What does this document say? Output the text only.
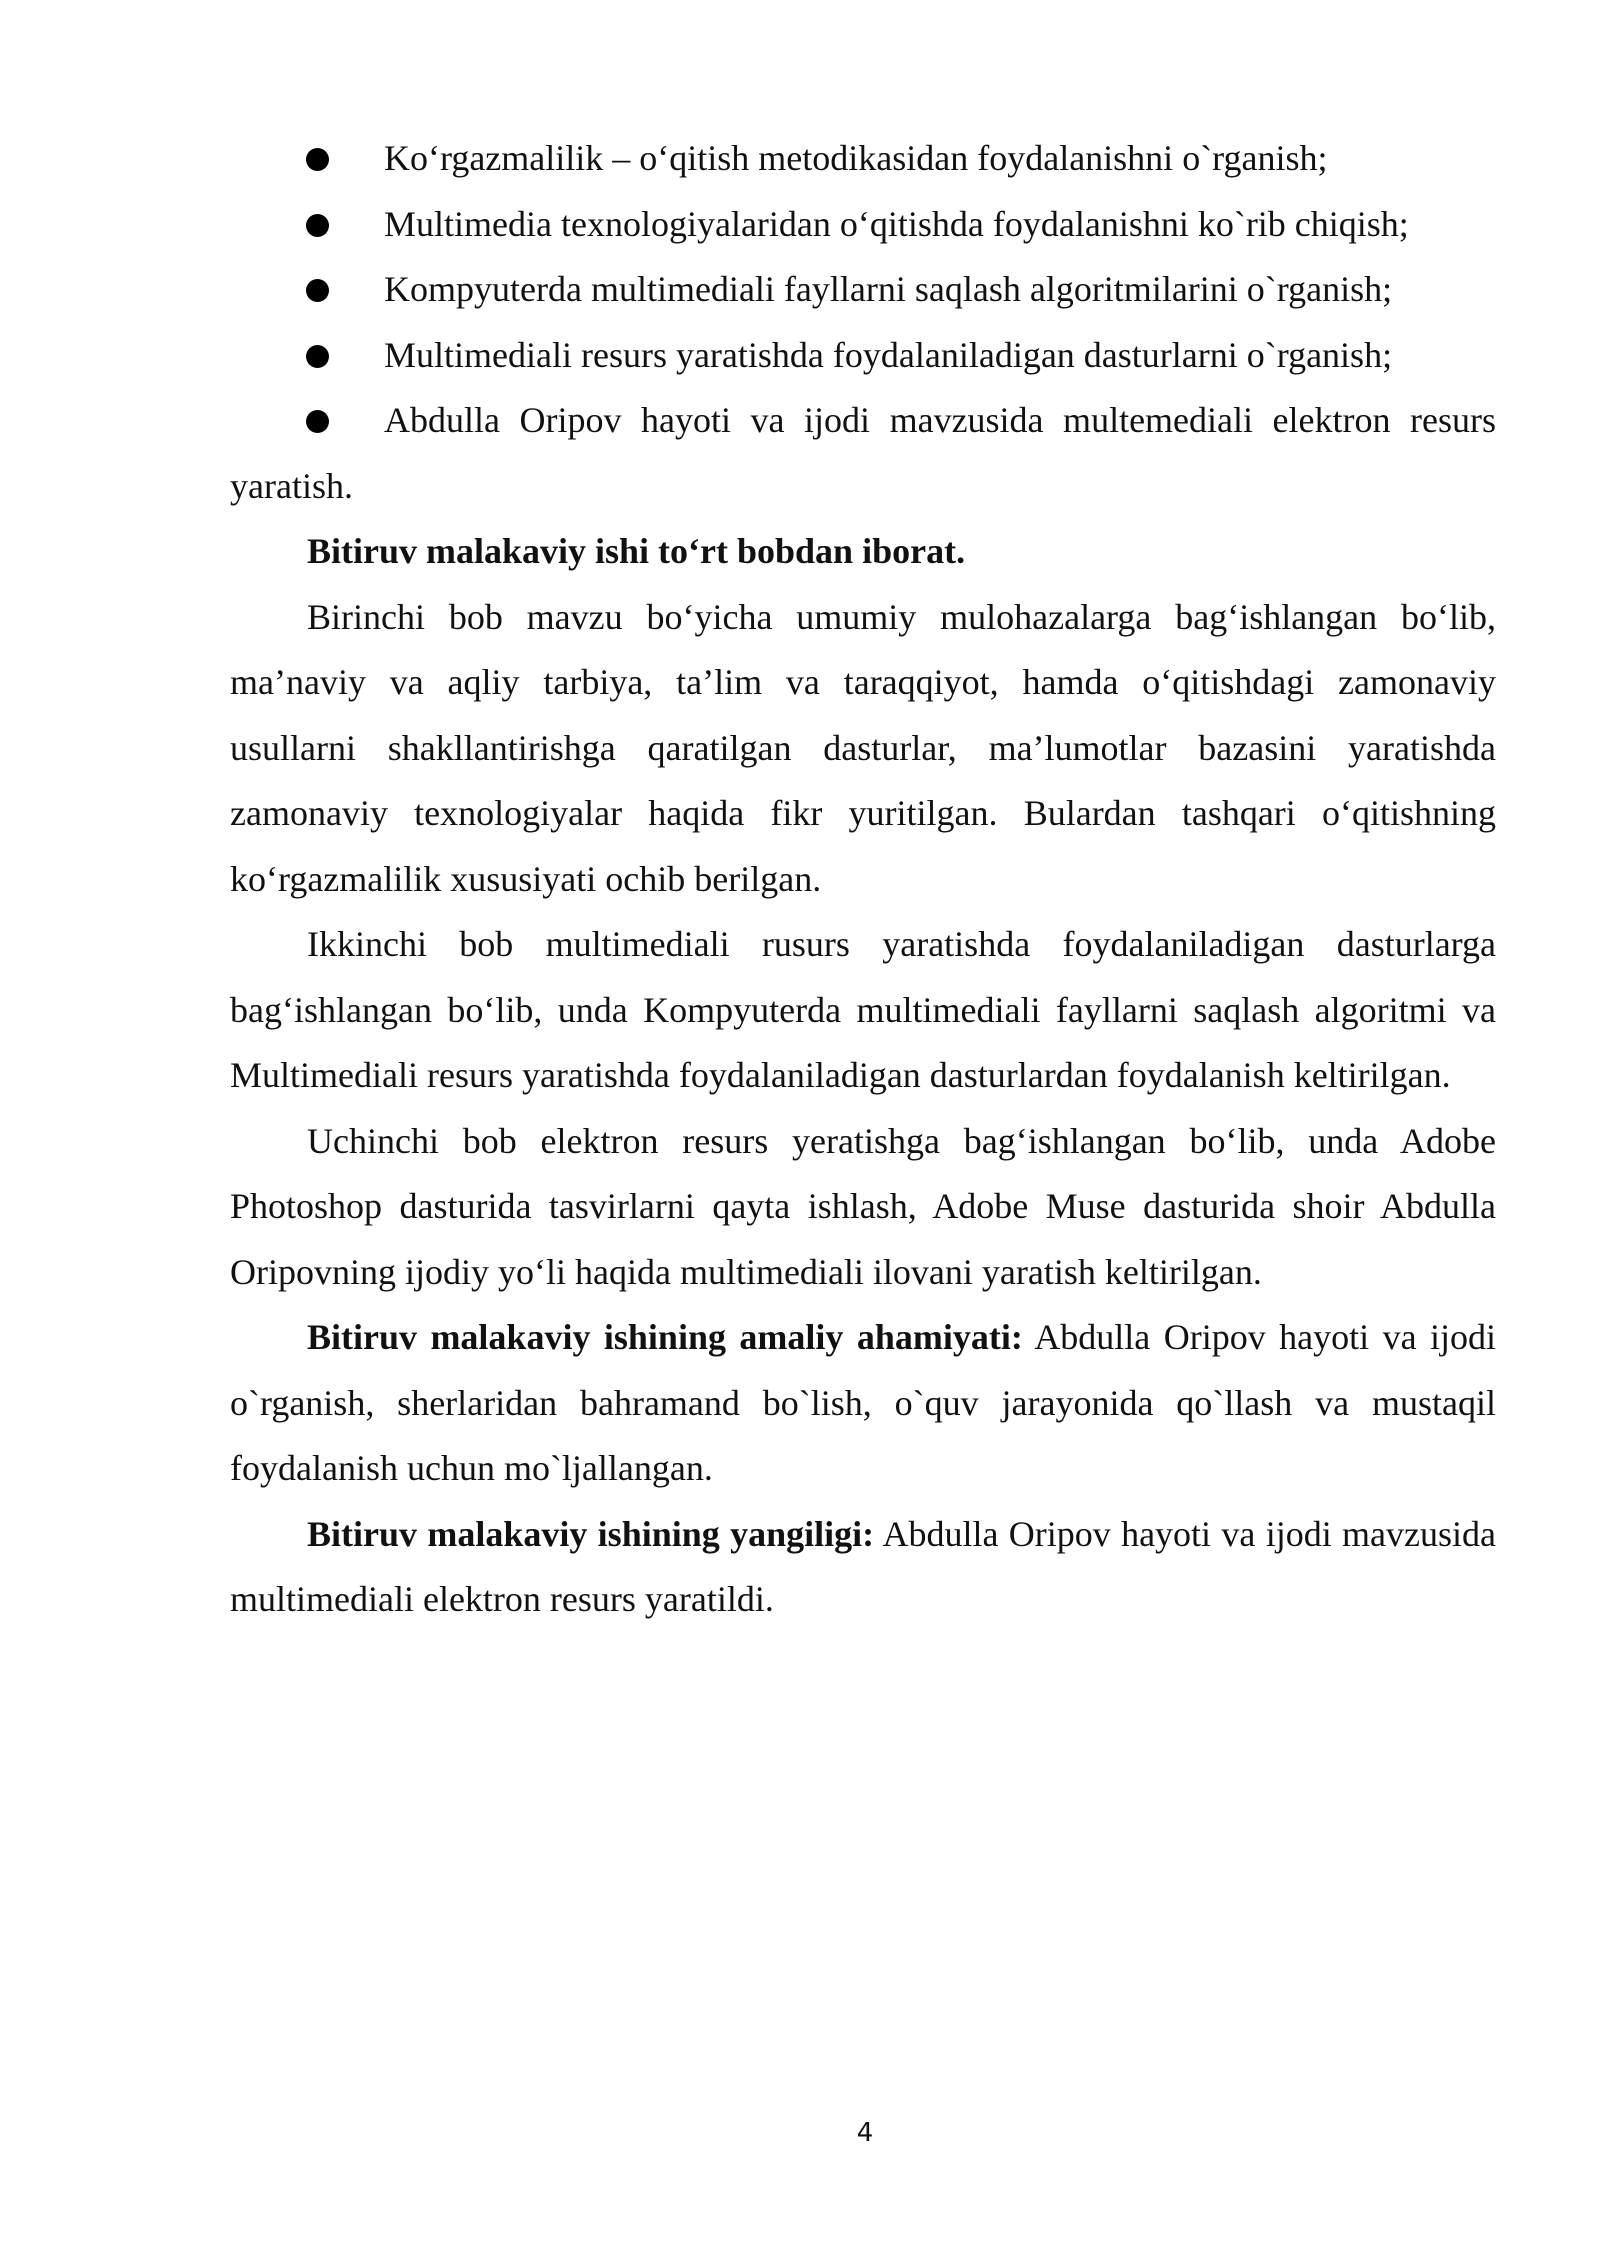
Ko‘rgazmalilik – o‘qitish metodikasidan foydalanishni o`rganish;
Multimedia texnologiyalaridan o‘qitishda foydalanishni ko`rib chiqish;
Kompyuterda multimediali fayllarni saqlash algoritmilarini o`rganish;
Multimediali resurs yaratishda foydalaniladigan dasturlarni o`rganish;
Abdulla Oripov hayoti va ijodi mavzusida multemediali elektron resurs yaratish.

Bitiruv malakaviy ishi to‘rt bobdan iborat.

Birinchi bob mavzu bo‘yicha umumiy mulohazalarga bag‘ishlangan bo‘lib, ma’naviy va aqliy tarbiya, ta’lim va taraqqiyot, hamda o‘qitishdagi zamonaviy usullarni shakllantirishga qaratilgan dasturlar, ma’lumotlar bazasini yaratishda zamonaviy texnologiyalar haqida fikr yuritilgan. Bulardan tashqari o‘qitishning ko‘rgazmalilik xususiyati ochib berilgan.

Ikkinchi bob multimediali rusurs yaratishda foydalaniladigan dasturlarga bag‘ishlangan bo‘lib, unda Kompyuterda multimediali fayllarni saqlash algoritmi va Multimediali resurs yaratishda foydalaniladigan dasturlardan foydalanish keltirilgan.

Uchinchi bob elektron resurs yeratishga bag‘ishlangan bo‘lib, unda Adobe Photoshop dasturida tasvirlarni qayta ishlash, Adobe Muse dasturida shoir Abdulla Oripovning ijodiy yo‘li haqida multimediali ilovani yaratish keltirilgan.

Bitiruv malakaviy ishining amaliy ahamiyati: Abdulla Oripov hayoti va ijodi o`rganish, sherlaridan bahramand bo`lish, o`quv jarayonida qo`llash va mustaqil foydalanish uchun mo`ljallangan.

Bitiruv malakaviy ishining yangiligi: Abdulla Oripov hayoti va ijodi mavzusida multimediali elektron resurs yaratildi.

4
